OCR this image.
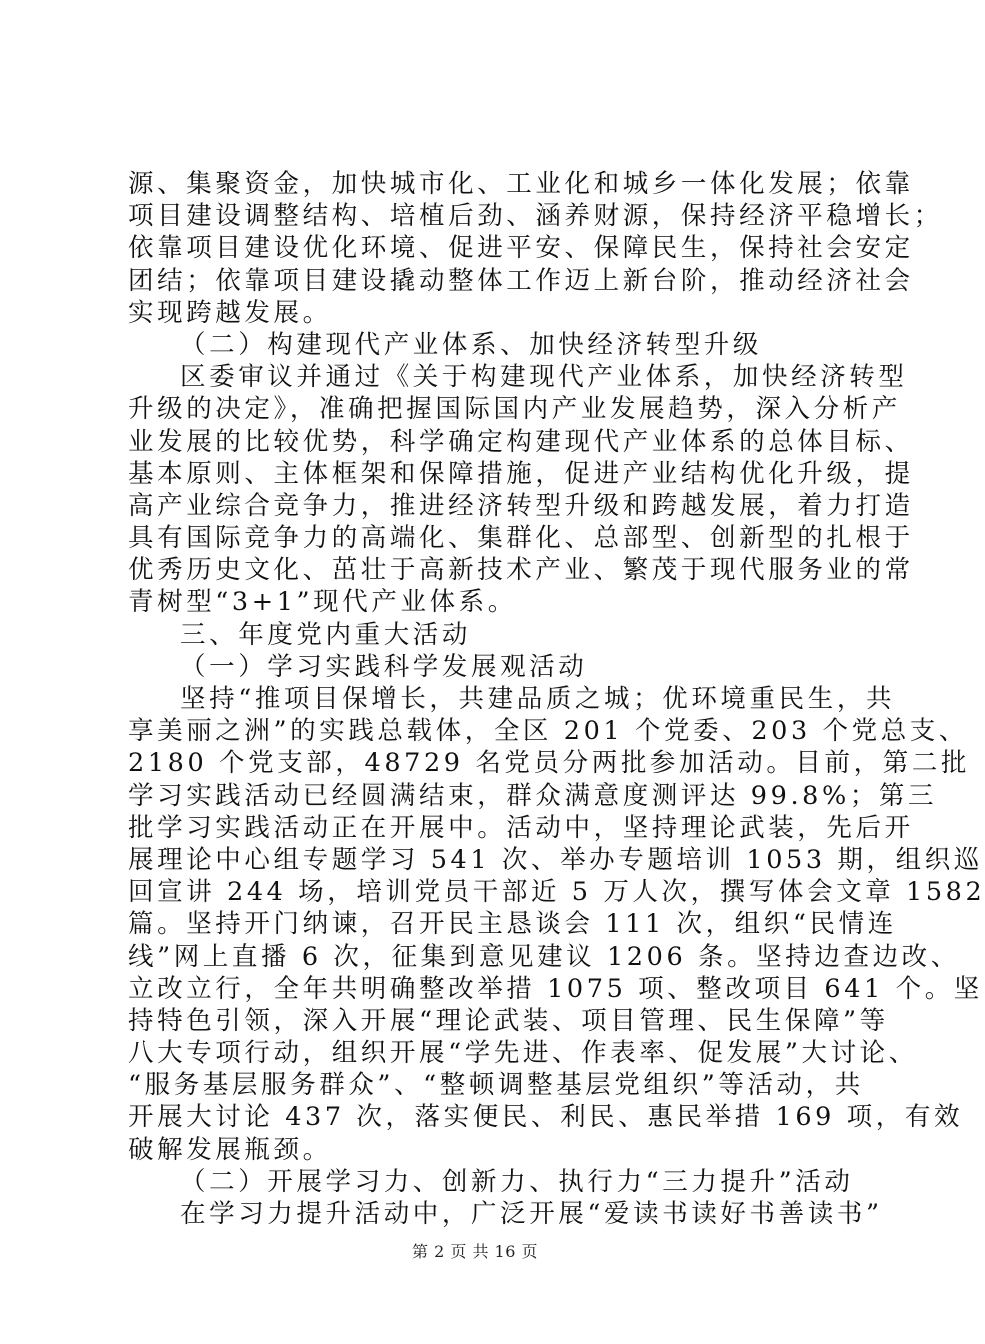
源、集聚资金，加快城市化、工业化和城乡一体化发展；依靠
项目建设调整结构、培植后劲、涵养财源，保持经济平稳增长；
依靠项目建设优化环境、促进平安、保障民生，保持社会安定
团结；依靠项目建设撬动整体工作迈上新台阶，推动经济社会
实现跨越发展。
（二）构建现代产业体系、加快经济转型升级
区委审议并通过《关于构建现代产业体系，加快经济转型
升级的决定》，准确把握国际国内产业发展趋势，深入分析产
业发展的比较优势，科学确定构建现代产业体系的总体目标、
基本原则、主体框架和保障措施，促进产业结构优化升级，提
高产业综合竞争力，推进经济转型升级和跨越发展，着力打造
具有国际竞争力的高端化、集群化、总部型、创新型的扎根于
优秀历史文化、茁壮于高新技术产业、繁茂于现代服务业的常
青树型“3+1”现代产业体系。
三、年度党内重大活动
（一）学习实践科学发展观活动
坚持“推项目保增长，共建品质之城；优环境重民生，共
享美丽之洲”的实践总载体，全区 201 个党委、203 个党总支、
2180 个党支部，48729 名党员分两批参加活动。目前，第二批
学习实践活动已经圆满结束，群众满意度测评达 99.8%；第三
批学习实践活动正在开展中。活动中，坚持理论武装，先后开
展理论中心组专题学习 541 次、举办专题培训 1053 期，组织巡
回宣讲 244 场，培训党员干部近 5 万人次，撰写体会文章 1582
篇。坚持开门纳谏，召开民主恳谈会 111 次，组织“民情连
线”网上直播 6 次，征集到意见建议 1206 条。坚持边查边改、
立改立行，全年共明确整改举措 1075 项、整改项目 641 个。坚
持特色引领，深入开展“理论武装、项目管理、民生保障”等
八大专项行动，组织开展“学先进、作表率、促发展”大讨论、
“服务基层服务群众”、“整顿调整基层党组织”等活动，共
开展大讨论 437 次，落实便民、利民、惠民举措 169 项，有效
破解发展瓶颈。
（二）开展学习力、创新力、执行力“三力提升”活动
在学习力提升活动中，广泛开展“爱读书读好书善读书”
第 2 页 共 16 页
